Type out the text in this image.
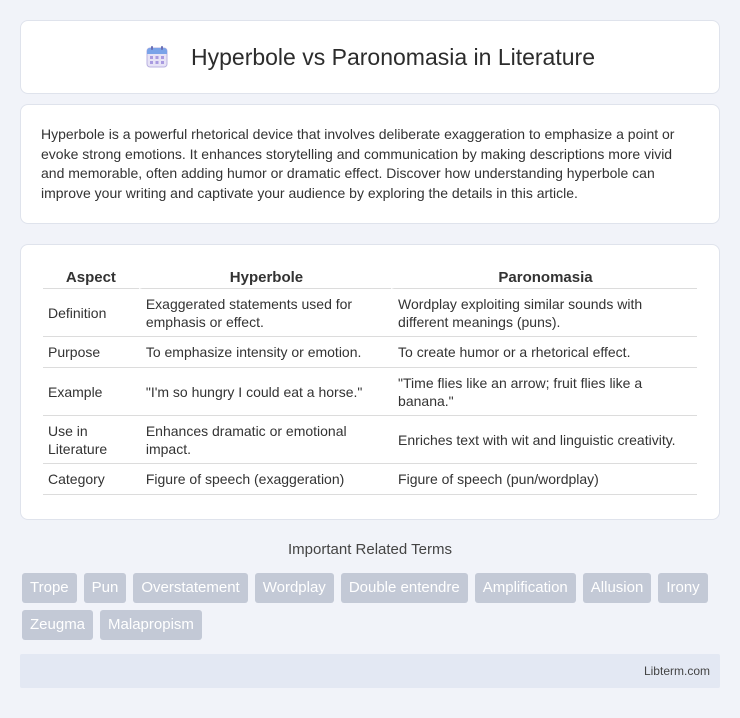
Hyperbole vs Paronomasia in Literature

Hyperbole is a powerful rhetorical device that involves deliberate exaggeration to emphasize a point or evoke strong emotions. It enhances storytelling and communication by making descriptions more vivid and memorable, often adding humor or dramatic effect. Discover how understanding hyperbole can improve your writing and captivate your audience by exploring the details in this article.

Aspect	Hyperbole	Paronomasia
Definition	Exaggerated statements used for emphasis or effect.	Wordplay exploiting similar sounds with different meanings (puns).
Purpose	To emphasize intensity or emotion.	To create humor or a rhetorical effect.
Example	"I'm so hungry I could eat a horse."	"Time flies like an arrow; fruit flies like a banana."
Use in Literature	Enhances dramatic or emotional impact.	Enriches text with wit and linguistic creativity.
Category	Figure of speech (exaggeration)	Figure of speech (pun/wordplay)
Important Related Terms
Trope	Pun	Overstatement	Wordplay	Double entendre	Amplification	Allusion	Irony
Zeugma	Malapropism
Libterm.com
